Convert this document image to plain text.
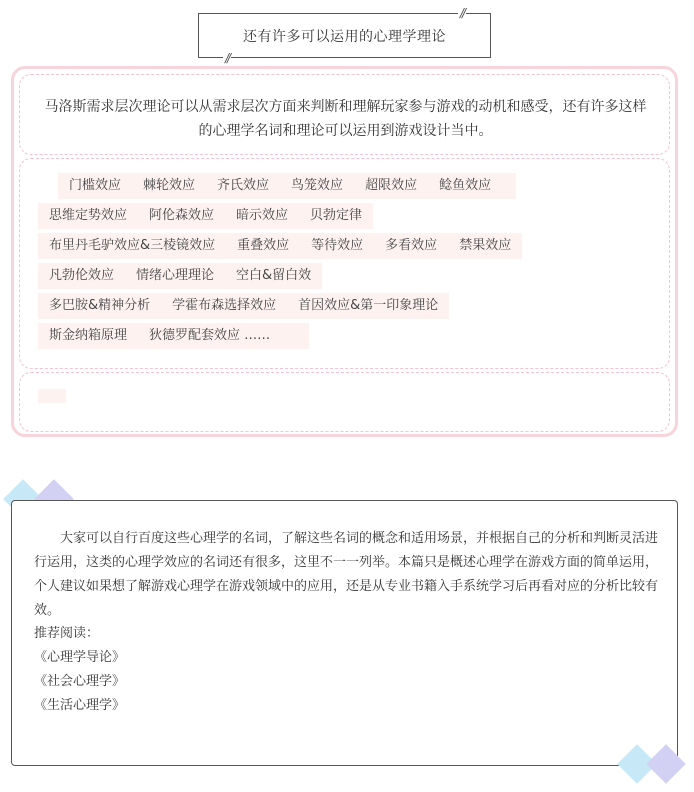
//
还有许多可以运用的心理学理论
//

马洛斯需求层次理论可以从需求层次方面来判断和理解玩家参与游戏的动机和感受，还有许多这样的心理学名词和理论可以运用到游戏设计当中。

门槛效应	棘轮效应	齐氏效应	鸟笼效应	超限效应	鲶鱼效应
思维定势效应	阿伦森效应	暗示效应	贝勃定律
布里丹毛驴效应&三棱镜效应	重叠效应	等待效应	多看效应	禁果效应
凡勃伦效应	情绪心理理论	空白&留白效
多巴胺&精神分析	学霍布森选择效应	首因效应&第一印象理论
斯金纳箱原理	狄德罗配套效应 ……

大家可以自行百度这些心理学的名词，了解这些名词的概念和适用场景，并根据自己的分析和判断灵活进行运用，这类的心理学效应的名词还有很多，这里不一一列举。本篇只是概述心理学在游戏方面的简单运用，个人建议如果想了解游戏心理学在游戏领域中的应用，还是从专业书籍入手系统学习后再看对应的分析比较有效。

推荐阅读：
《心理学导论》
《社会心理学》
《生活心理学》
